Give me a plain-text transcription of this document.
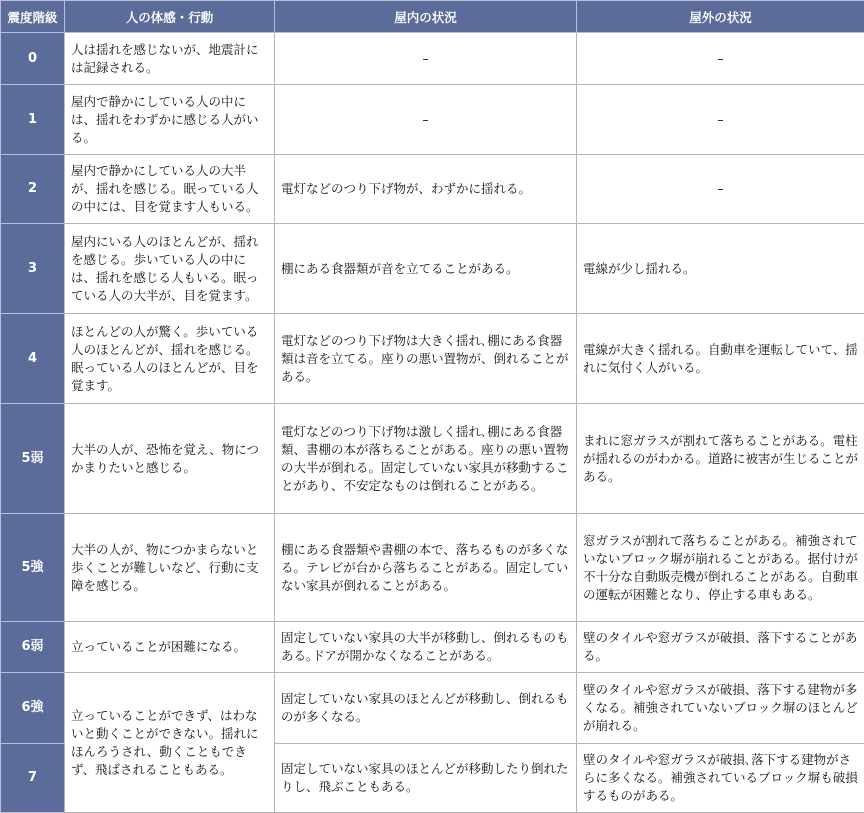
震度階級	人の体感・行動	屋内の状況	屋外の状況
0	人は揺れを感じないが、地震計には記録される。	–	–
1	屋内で静かにしている人の中には、揺れをわずかに感じる人がいる。	–	–
2	屋内で静かにしている人の大半が、揺れを感じる。眠っている人の中には、目を覚ます人もいる。	電灯などのつり下げ物が、わずかに揺れる。	–
3	屋内にいる人のほとんどが、揺れを感じる。歩いている人の中には、揺れを感じる人もいる。眠っている人の大半が、目を覚ます。	棚にある食器類が音を立てることがある。	電線が少し揺れる。
4	ほとんどの人が驚く。歩いている人のほとんどが、揺れを感じる。眠っている人のほとんどが、目を覚ます。	電灯などのつり下げ物は大きく揺れ､棚にある食器類は音を立てる。座りの悪い置物が、倒れることがある。	電線が大きく揺れる。自動車を運転していて、揺れに気付く人がいる。
5弱	大半の人が、恐怖を覚え、物につかまりたいと感じる。	電灯などのつり下げ物は激しく揺れ､棚にある食器類、書棚の本が落ちることがある。座りの悪い置物の大半が倒れる。固定していない家具が移動することがあり、不安定なものは倒れることがある。	まれに窓ガラスが割れて落ちることがある。電柱が揺れるのがわかる。道路に被害が生じることがある。
5強	大半の人が、物につかまらないと歩くことが難しいなど、行動に支障を感じる。	棚にある食器類や書棚の本で、落ちるものが多くなる。テレビが台から落ちることがある。固定していない家具が倒れることがある。	窓ガラスが割れて落ちることがある。補強されていないブロック塀が崩れることがある。据付けが不十分な自動販売機が倒れることがある。自動車の運転が困難となり、停止する車もある。
6弱	立っていることが困難になる。	固定していない家具の大半が移動し、倒れるものもある｡ドアが開かなくなることがある。	壁のタイルや窓ガラスが破損、落下することがある。
6強	立っていることができず、はわないと動くことができない。揺れにほんろうされ、動くこともできず、飛ばされることもある。	固定していない家具のほとんどが移動し、倒れるものが多くなる。	壁のタイルや窓ガラスが破損、落下する建物が多くなる。補強されていないブロック塀のほとんどが崩れる。
7		固定していない家具のほとんどが移動したり倒れたりし、飛ぶこともある。	壁のタイルや窓ガラスが破損､落下する建物がさらに多くなる。補強されているブロック塀も破損するものがある。
